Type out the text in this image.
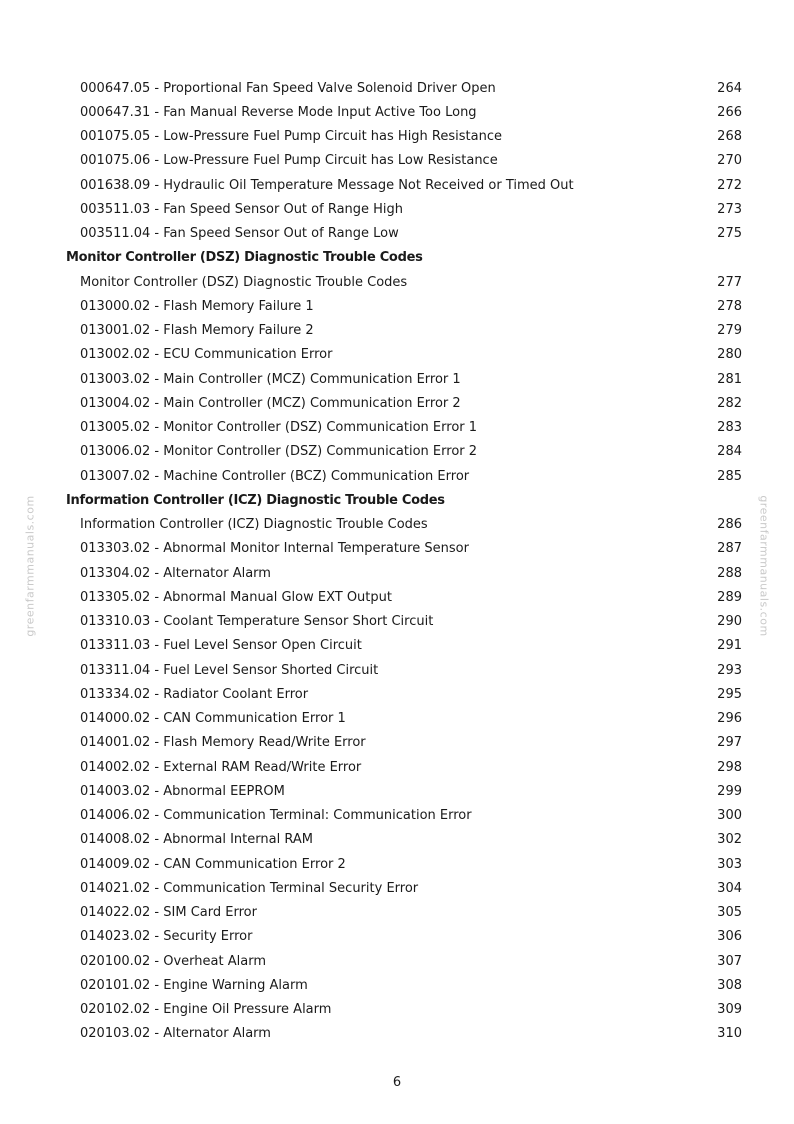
greenfarmmanuals.com	greenfarmmanuals.com
000647.05 - Proportional Fan Speed Valve Solenoid Driver Open	264
000647.31 - Fan Manual Reverse Mode Input Active Too Long	266
001075.05 - Low-Pressure Fuel Pump Circuit has High Resistance	268
001075.06 - Low-Pressure Fuel Pump Circuit has Low Resistance	270
001638.09 - Hydraulic Oil Temperature Message Not Received or Timed Out	272
003511.03 - Fan Speed Sensor Out of Range High	273
003511.04 - Fan Speed Sensor Out of Range Low	275
Monitor Controller (DSZ) Diagnostic Trouble Codes
Monitor Controller (DSZ) Diagnostic Trouble Codes	277
013000.02 - Flash Memory Failure 1	278
013001.02 - Flash Memory Failure 2	279
013002.02 - ECU Communication Error	280
013003.02 - Main Controller (MCZ) Communication Error 1	281
013004.02 - Main Controller (MCZ) Communication Error 2	282
013005.02 - Monitor Controller (DSZ) Communication Error 1	283
013006.02 - Monitor Controller (DSZ) Communication Error 2	284
013007.02 - Machine Controller (BCZ) Communication Error	285
Information Controller (ICZ) Diagnostic Trouble Codes
Information Controller (ICZ) Diagnostic Trouble Codes	286
013303.02 - Abnormal Monitor Internal Temperature Sensor	287
013304.02 - Alternator Alarm	288
013305.02 - Abnormal Manual Glow EXT Output	289
013310.03 - Coolant Temperature Sensor Short Circuit	290
013311.03 - Fuel Level Sensor Open Circuit	291
013311.04 - Fuel Level Sensor Shorted Circuit	293
013334.02 - Radiator Coolant Error	295
014000.02 - CAN Communication Error 1	296
014001.02 - Flash Memory Read/Write Error	297
014002.02 - External RAM Read/Write Error	298
014003.02 - Abnormal EEPROM	299
014006.02 - Communication Terminal: Communication Error	300
014008.02 - Abnormal Internal RAM	302
014009.02 - CAN Communication Error 2	303
014021.02 - Communication Terminal Security Error	304
014022.02 - SIM Card Error	305
014023.02 - Security Error	306
020100.02 - Overheat Alarm	307
020101.02 - Engine Warning Alarm	308
020102.02 - Engine Oil Pressure Alarm	309
020103.02 - Alternator Alarm	310
6
